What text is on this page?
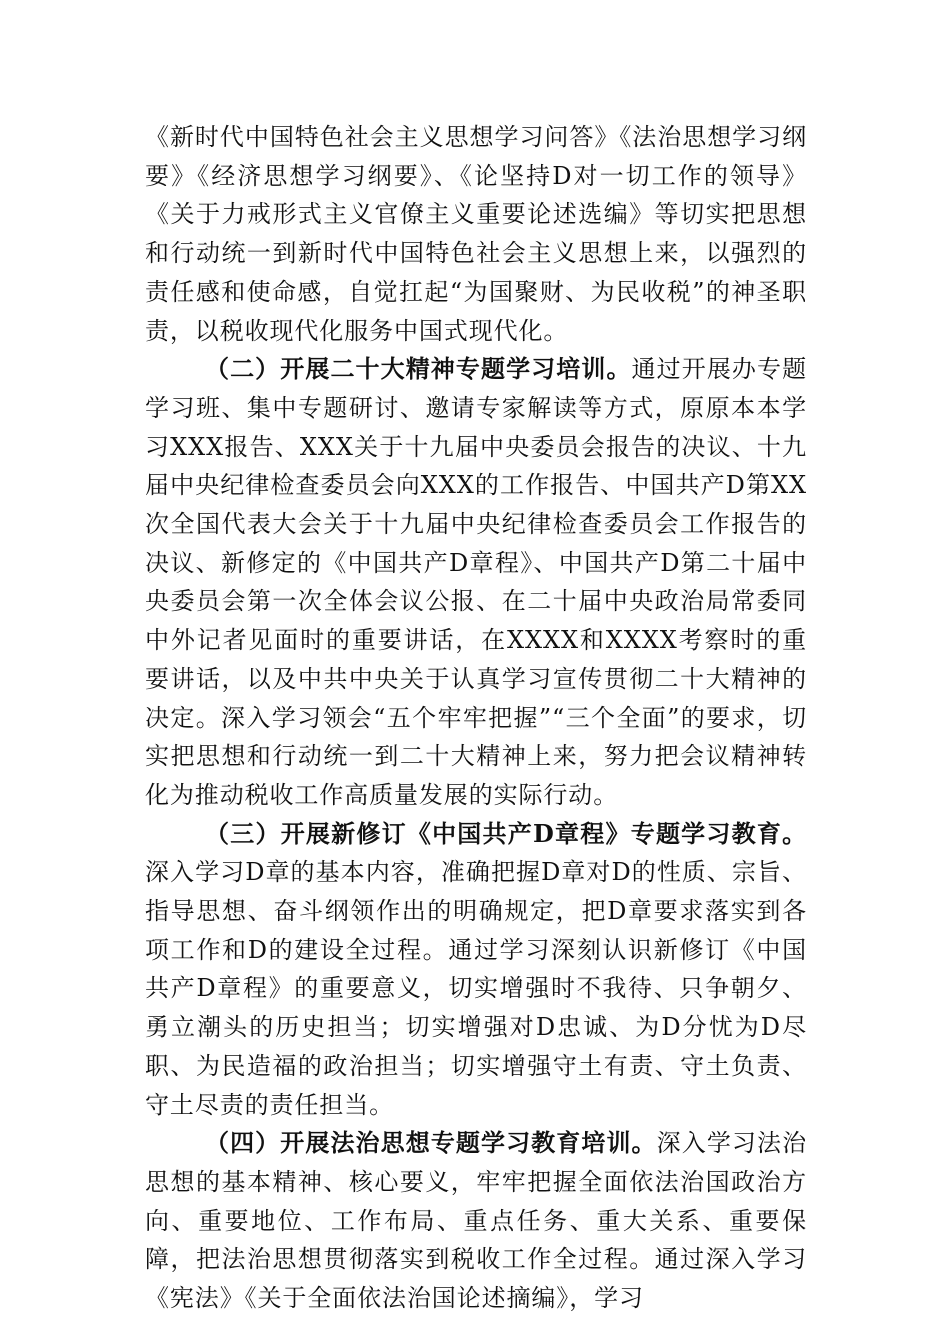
《新时代中国特色社会主义思想学习问答》《法治思想学习纲要》《经济思想学习纲要》、《论坚持D对一切工作的领导》《关于力戒形式主义官僚主义重要论述选编》等切实把思想和行动统一到新时代中国特色社会主义思想上来，以强烈的责任感和使命感，自觉扛起“为国聚财、为民收税”的神圣职责，以税收现代化服务中国式现代化。

（二）开展二十大精神专题学习培训。通过开展办专题学习班、集中专题研讨、邀请专家解读等方式，原原本本学习XXX报告、XXX关于十九届中央委员会报告的决议、十九届中央纪律检查委员会向XXX的工作报告、中国共产D第XX次全国代表大会关于十九届中央纪律检查委员会工作报告的决议、新修定的《中国共产D章程》、中国共产D第二十届中央委员会第一次全体会议公报、在二十届中央政治局常委同中外记者见面时的重要讲话，在XXXX和XXXX考察时的重要讲话，以及中共中央关于认真学习宣传贯彻二十大精神的决定。深入学习领会“五个牢牢把握”“三个全面”的要求，切实把思想和行动统一到二十大精神上来，努力把会议精神转化为推动税收工作高质量发展的实际行动。

（三）开展新修订《中国共产D章程》专题学习教育。深入学习D章的基本内容，准确把握D章对D的性质、宗旨、指导思想、奋斗纲领作出的明确规定，把D章要求落实到各项工作和D的建设全过程。通过学习深刻认识新修订《中国共产D章程》的重要意义，切实增强时不我待、只争朝夕、勇立潮头的历史担当；切实增强对D忠诚、为D分忧为D尽职、为民造福的政治担当；切实增强守土有责、守土负责、守土尽责的责任担当。

（四）开展法治思想专题学习教育培训。深入学习法治思想的基本精神、核心要义，牢牢把握全面依法治国政治方向、重要地位、工作布局、重点任务、重大关系、重要保障，把法治思想贯彻落实到税收工作全过程。通过深入学习《宪法》《关于全面依法治国论述摘编》，学习
